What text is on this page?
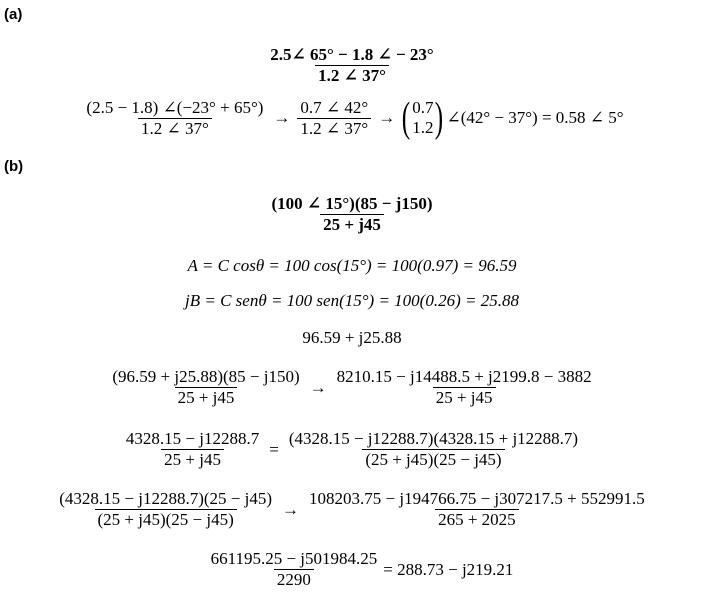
(a)
$\frac{2.5\angle 65^\circ - 1.8 \angle - 23^\circ}{1.2 \angle 37^\circ}$
$\frac{(2.5 - 1.8) \angle(-23^\circ + 65^\circ)}{1.2 \angle 37^\circ} \to \frac{0.7 \angle 42^\circ}{1.2 \angle 37^\circ}$ → ( 0.7
1.2 ) ∠(42° − 37°) = 0.58 ∠ 5°
(b)
$\frac{(100 \angle 15^\circ)(85 - j150)}{25 + j45}$
A = C cosθ = 100 cos(15°) = 100(0.97) = 96.59
jB = C senθ = 100 sen(15°) = 100(0.26) = 25.88
96.59 + j25.88
$\frac{(96.59 + j25.88)(85 - j150)}{25 + j45} \to \frac{8210.15 - j14488.5 + j2199.8 - 3882}{25 + j45}$
$\frac{4328.15 - j12288.7}{25 + j45} = \frac{(4328.15 - j12288.7)(4328.15 + j12288.7)}{(25 + j45)(25 - j45)}$
$\frac{(4328.15 - j12288.7)(25 - j45)}{(25 + j45)(25 - j45)} \to \frac{108203.75 - j194766.75 - j307217.5 + 552991.5}{265 + 2025}$
$\frac{661195.25 - j501984.25}{2290} = 288.73 - j219.21$
